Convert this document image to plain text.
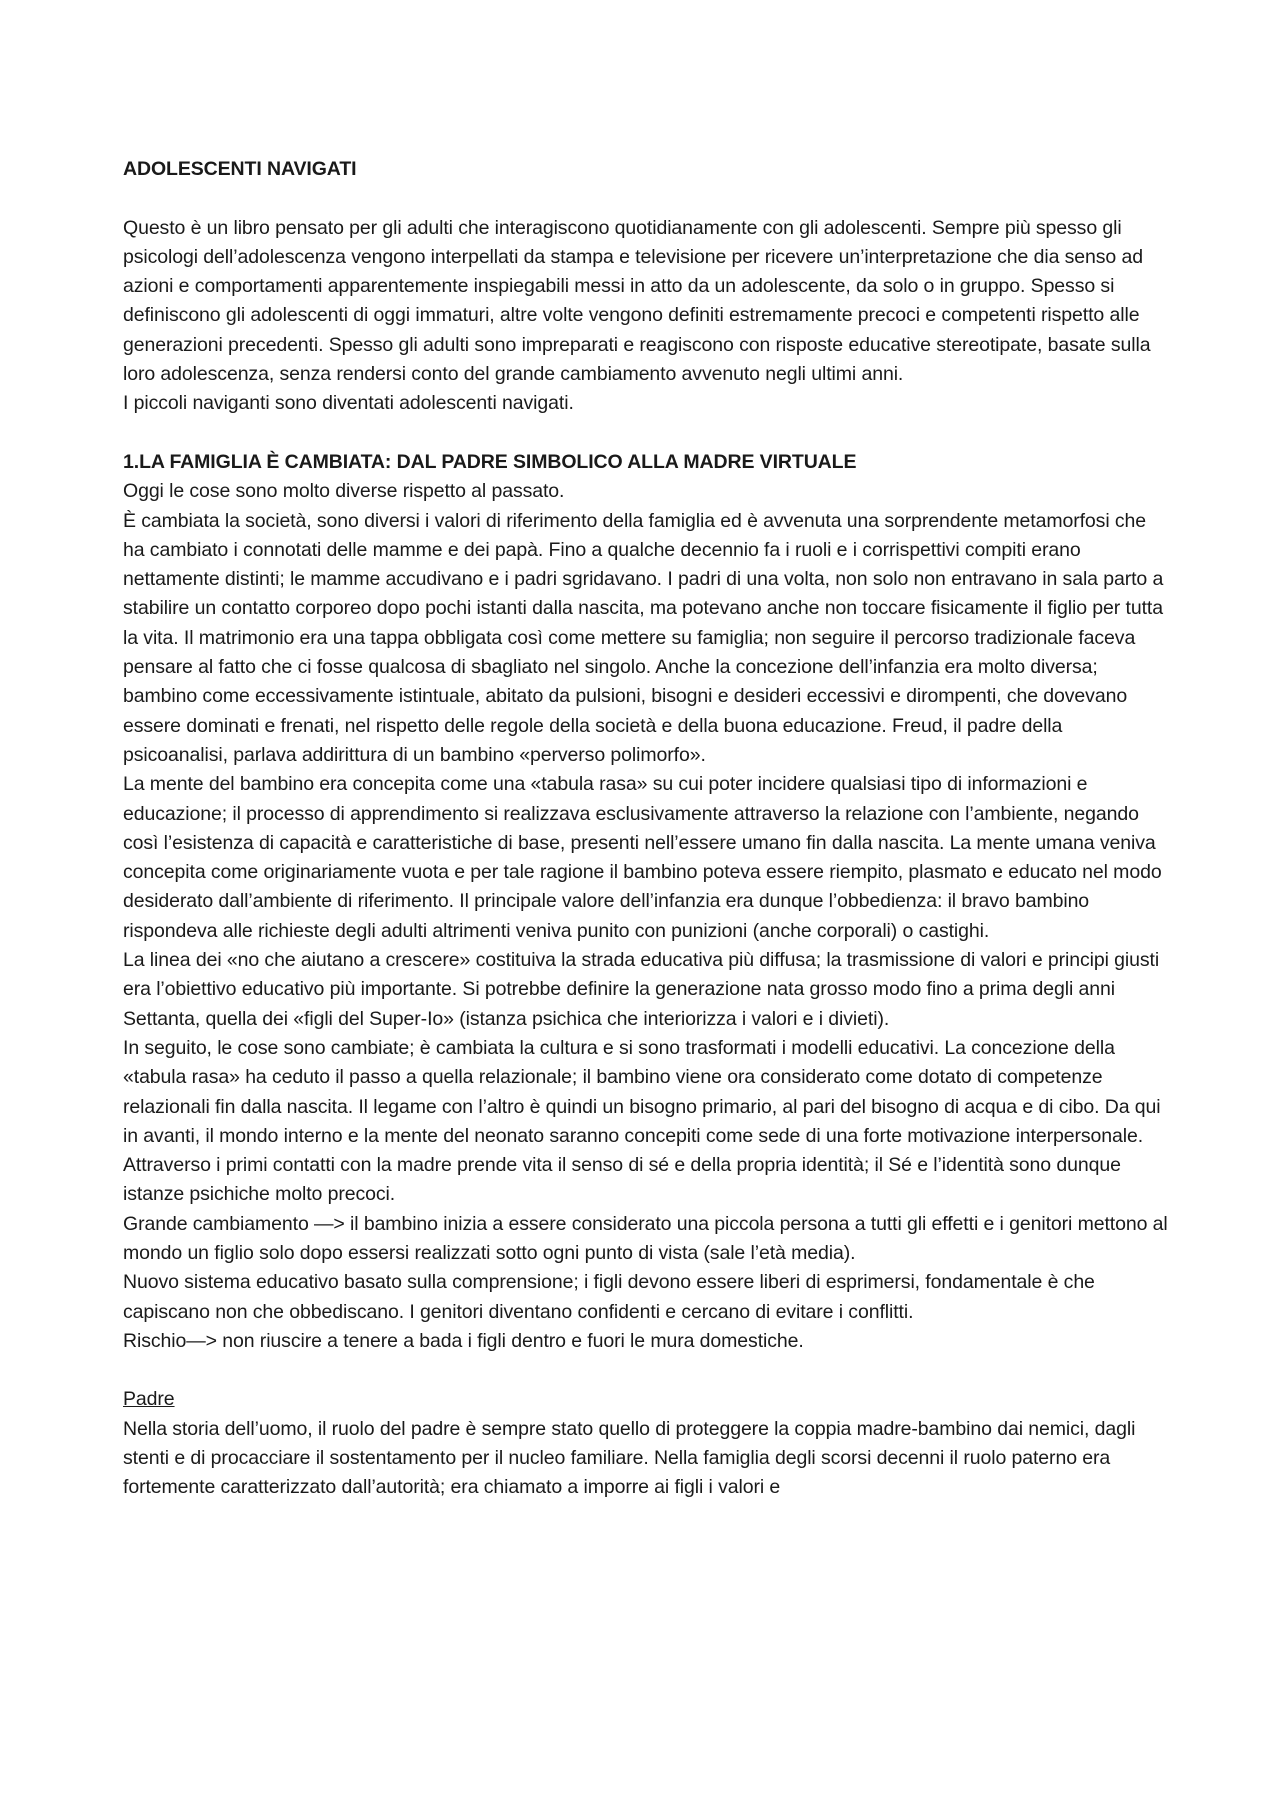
ADOLESCENTI NAVIGATI

Questo è un libro pensato per gli adulti che interagiscono quotidianamente con gli adolescenti. Sempre più spesso gli psicologi dell’adolescenza vengono interpellati da stampa e televisione per ricevere un’interpretazione che dia senso ad azioni e comportamenti apparentemente inspiegabili messi in atto da un adolescente, da solo o in gruppo. Spesso si definiscono gli adolescenti di oggi immaturi, altre volte vengono definiti estremamente precoci e competenti rispetto alle generazioni precedenti. Spesso gli adulti sono impreparati e reagiscono con risposte educative stereotipate, basate sulla loro adolescenza, senza rendersi conto del grande cambiamento avvenuto negli ultimi anni.

I piccoli naviganti sono diventati adolescenti navigati.

1.LA FAMIGLIA È CAMBIATA: DAL PADRE SIMBOLICO ALLA MADRE VIRTUALE

Oggi le cose sono molto diverse rispetto al passato.

È cambiata la società, sono diversi i valori di riferimento della famiglia ed è avvenuta una sorprendente metamorfosi che ha cambiato i connotati delle mamme e dei papà. Fino a qualche decennio fa i ruoli e i corrispettivi compiti erano nettamente distinti; le mamme accudivano e i padri sgridavano. I padri di una volta, non solo non entravano in sala parto a stabilire un contatto corporeo dopo pochi istanti dalla nascita, ma potevano anche non toccare fisicamente il figlio per tutta la vita. Il matrimonio era una tappa obbligata così come mettere su famiglia; non seguire il percorso tradizionale faceva pensare al fatto che ci fosse qualcosa di sbagliato nel singolo. Anche la concezione dell’infanzia era molto diversa; bambino come eccessivamente istintuale, abitato da pulsioni, bisogni e desideri eccessivi e dirompenti, che dovevano essere dominati e frenati, nel rispetto delle regole della società e della buona educazione. Freud, il padre della psicoanalisi, parlava addirittura di un bambino «perverso polimorfo».

La mente del bambino era concepita come una «tabula rasa» su cui poter incidere qualsiasi tipo di informazioni e educazione; il processo di apprendimento si realizzava esclusivamente attraverso la relazione con l’ambiente, negando così l’esistenza di capacità e caratteristiche di base, presenti nell’essere umano fin dalla nascita. La mente umana veniva concepita come originariamente vuota e per tale ragione il bambino poteva essere riempito, plasmato e educato nel modo desiderato dall’ambiente di riferimento. Il principale valore dell’infanzia era dunque l’obbedienza: il bravo bambino rispondeva alle richieste degli adulti altrimenti veniva punito con punizioni (anche corporali) o castighi.

La linea dei «no che aiutano a crescere» costituiva la strada educativa più diffusa; la trasmissione di valori e principi giusti era l’obiettivo educativo più importante. Si potrebbe definire la generazione nata grosso modo fino a prima degli anni Settanta, quella dei «figli del Super-Io» (istanza psichica che interiorizza i valori e i divieti).

In seguito, le cose sono cambiate; è cambiata la cultura e si sono trasformati i modelli educativi. La concezione della «tabula rasa» ha ceduto il passo a quella relazionale; il bambino viene ora considerato come dotato di competenze relazionali fin dalla nascita. Il legame con l’altro è quindi un bisogno primario, al pari del bisogno di acqua e di cibo. Da qui in avanti, il mondo interno e la mente del neonato saranno concepiti come sede di una forte motivazione interpersonale.

Attraverso i primi contatti con la madre prende vita il senso di sé e della propria identità; il Sé e l’identità sono dunque istanze psichiche molto precoci.

Grande cambiamento —> il bambino inizia a essere considerato una piccola persona a tutti gli effetti e i genitori mettono al mondo un figlio solo dopo essersi realizzati sotto ogni punto di vista (sale l’età media).

Nuovo sistema educativo basato sulla comprensione; i figli devono essere liberi di esprimersi, fondamentale è che capiscano non che obbediscano. I genitori diventano confidenti e cercano di evitare i conflitti.

Rischio—> non riuscire a tenere a bada i figli dentro e fuori le mura domestiche.

Padre

Nella storia dell’uomo, il ruolo del padre è sempre stato quello di proteggere la coppia madre-bambino dai nemici, dagli stenti e di procacciare il sostentamento per il nucleo familiare. Nella famiglia degli scorsi decenni il ruolo paterno era fortemente caratterizzato dall’autorità; era chiamato a imporre ai figli i valori e
